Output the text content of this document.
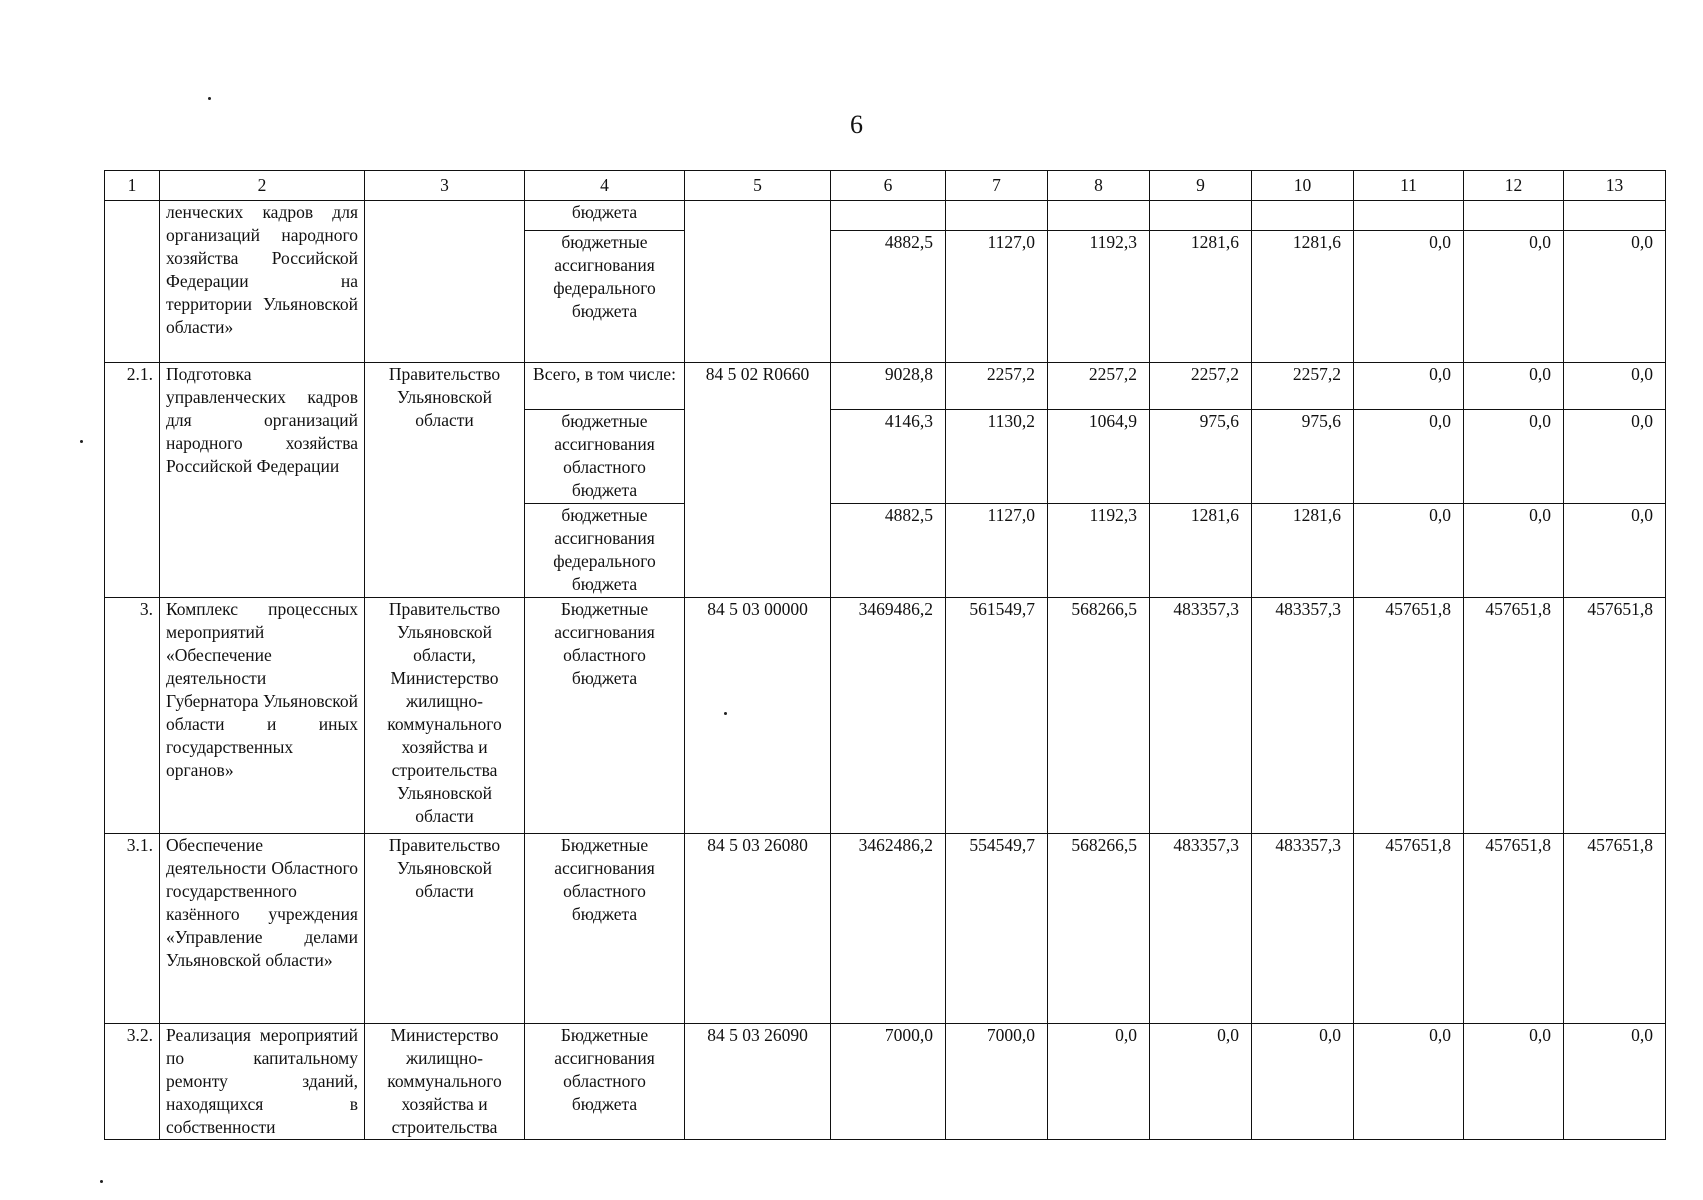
6
1	2	3	4	5	6	7	8	9	10	11	12	13
	ленческих кадров для организаций народного хозяйства Российской Федерации на территории Ульяновской области»		бюджета									
			бюджетные ассигнования федерального бюджета		4882,5	1127,0	1192,3	1281,6	1281,6	0,0	0,0	0,0
2.1.	Подготовка управленческих кадров для организаций народного хозяйства Российской Федерации	Правительство Ульяновской области	Всего, в том числе:	84 5 02 R0660	9028,8	2257,2	2257,2	2257,2	2257,2	0,0	0,0	0,0
			бюджетные ассигнования областного бюджета		4146,3	1130,2	1064,9	975,6	975,6	0,0	0,0	0,0
			бюджетные ассигнования федерального бюджета		4882,5	1127,0	1192,3	1281,6	1281,6	0,0	0,0	0,0
3.	Комплекс процессных мероприятий «Обеспечение деятельности Губернатора Ульяновской области и иных государственных органов»	Правительство Ульяновской области, Министерство жилищно-коммунального хозяйства и строительства Ульяновской области	Бюджетные ассигнования областного бюджета	84 5 03 00000	3469486,2	561549,7	568266,5	483357,3	483357,3	457651,8	457651,8	457651,8
3.1.	Обеспечение деятельности Областного государственного казённого учреждения «Управление делами Ульяновской области»	Правительство Ульяновской области	Бюджетные ассигнования областного бюджета	84 5 03 26080	3462486,2	554549,7	568266,5	483357,3	483357,3	457651,8	457651,8	457651,8
3.2.	Реализация мероприятий по капитальному ремонту зданий, находящихся в собственности	Министерство жилищно-коммунального хозяйства и строительства	Бюджетные ассигнования областного бюджета	84 5 03 26090	7000,0	7000,0	0,0	0,0	0,0	0,0	0,0	0,0
